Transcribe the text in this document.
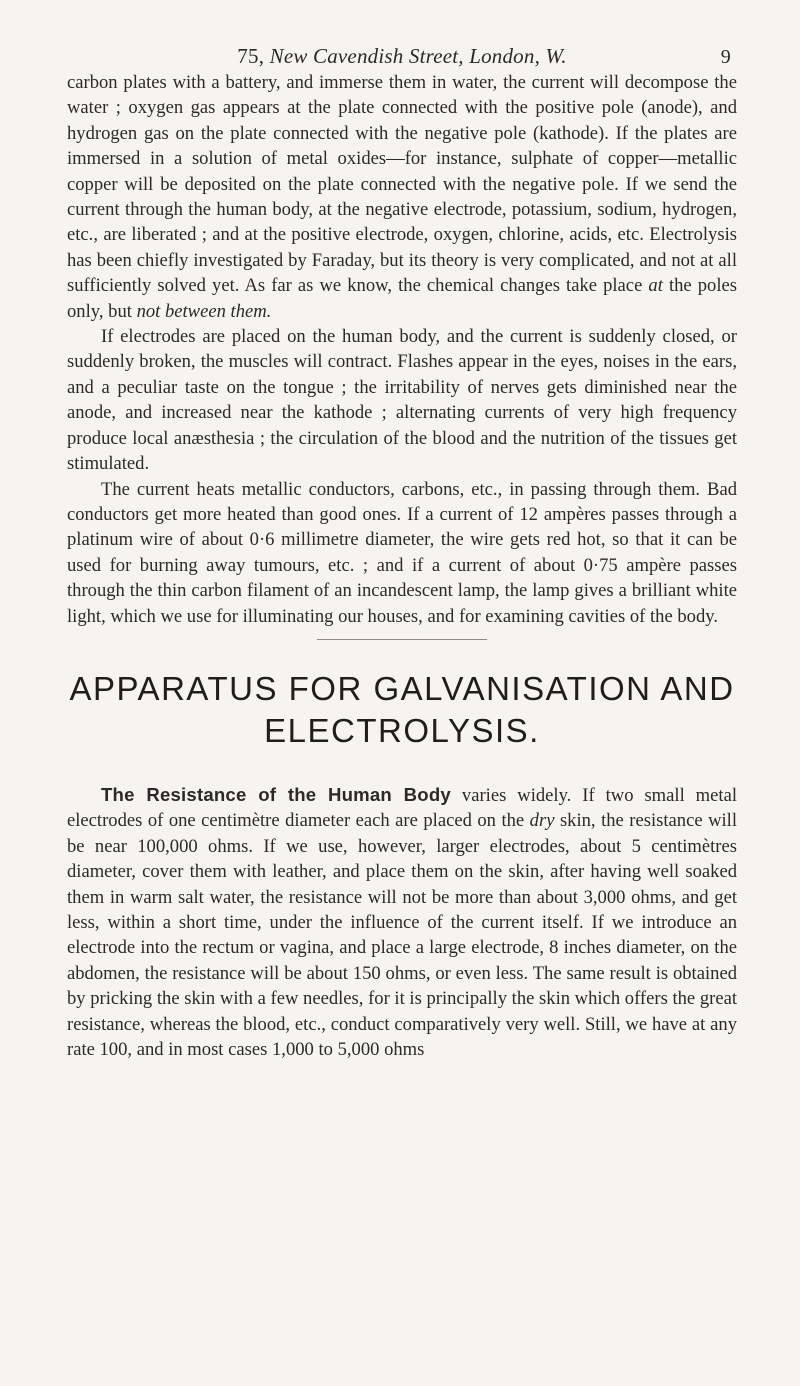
75, New Cavendish Street, London, W.	9

carbon plates with a battery, and immerse them in water, the current will decompose the water ; oxygen gas appears at the plate connected with the positive pole (anode), and hydrogen gas on the plate connected with the negative pole (kathode). If the plates are immersed in a solution of metal oxides—for instance, sulphate of copper—metallic copper will be deposited on the plate connected with the negative pole. If we send the current through the human body, at the negative electrode, potassium, sodium, hydrogen, etc., are liberated ; and at the positive electrode, oxygen, chlorine, acids, etc. Electrolysis has been chiefly investigated by Faraday, but its theory is very complicated, and not at all sufficiently solved yet. As far as we know, the chemical changes take place at the poles only, but not between them.

If electrodes are placed on the human body, and the current is suddenly closed, or suddenly broken, the muscles will contract. Flashes appear in the eyes, noises in the ears, and a peculiar taste on the tongue ; the irritability of nerves gets diminished near the anode, and increased near the kathode ; alternating currents of very high frequency produce local anæsthesia ; the circulation of the blood and the nutrition of the tissues get stimulated.

The current heats metallic conductors, carbons, etc., in passing through them. Bad conductors get more heated than good ones. If a current of 12 ampères passes through a platinum wire of about 0·6 millimetre diameter, the wire gets red hot, so that it can be used for burning away tumours, etc. ; and if a current of about 0·75 ampère passes through the thin carbon filament of an incandescent lamp, the lamp gives a brilliant white light, which we use for illuminating our houses, and for examining cavities of the body.

APPARATUS FOR GALVANISATION AND
ELECTROLYSIS.

The Resistance of the Human Body varies widely. If two small metal electrodes of one centimètre diameter each are placed on the dry skin, the resistance will be near 100,000 ohms. If we use, however, larger electrodes, about 5 centimètres diameter, cover them with leather, and place them on the skin, after having well soaked them in warm salt water, the resistance will not be more than about 3,000 ohms, and get less, within a short time, under the influence of the current itself. If we introduce an electrode into the rectum or vagina, and place a large electrode, 8 inches diameter, on the abdomen, the resistance will be about 150 ohms, or even less. The same result is obtained by pricking the skin with a few needles, for it is principally the skin which offers the great resistance, whereas the blood, etc., conduct comparatively very well. Still, we have at any rate 100, and in most cases 1,000 to 5,000 ohms
